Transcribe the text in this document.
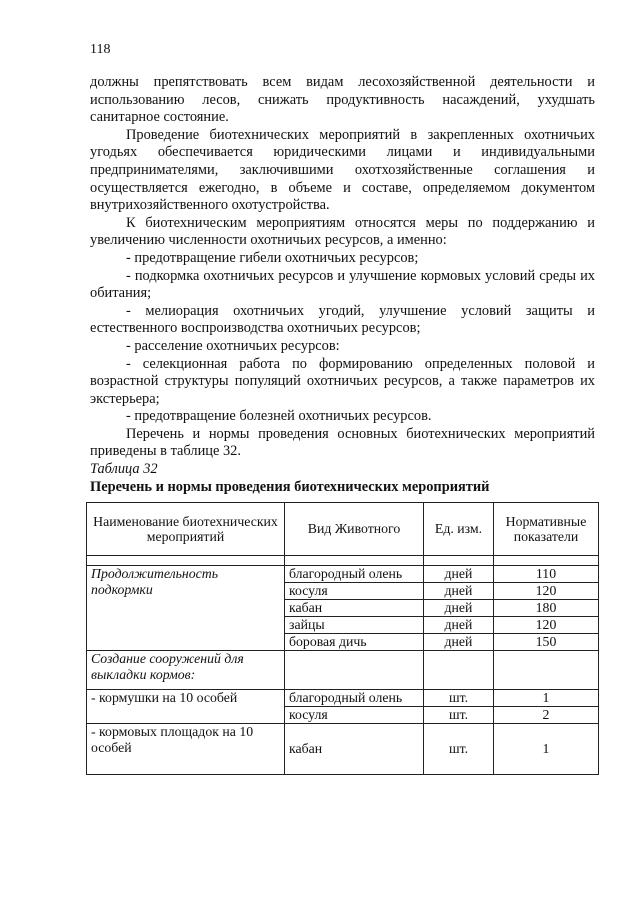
118

должны препятствовать всем видам лесохозяйственной деятельности и использованию лесов, снижать продуктивность насаждений, ухудшать санитарное состояние.

Проведение биотехнических мероприятий в закрепленных охотничьих угодьях обеспечивается юридическими лицами и индивидуальными предпринимателями, заключившими охотхозяйственные соглашения и осуществляется ежегодно, в объеме и составе, определяемом документом внутрихозяйственного охотустройства.

К биотехническим мероприятиям относятся меры по поддержанию и увеличению численности охотничьих ресурсов, а именно:

- предотвращение гибели охотничьих ресурсов;

- подкормка охотничьих ресурсов и улучшение кормовых условий среды их обитания;

- мелиорация охотничьих угодий, улучшение условий защиты и естественного воспроизводства охотничьих ресурсов;

- расселение охотничьих ресурсов:

- селекционная работа по формированию определенных половой и возрастной структуры популяций охотничьих ресурсов, а также параметров их экстерьера;

- предотвращение болезней охотничьих ресурсов.

Перечень и нормы проведения основных биотехнических мероприятий приведены в таблице 32.

Таблица 32

Перечень и нормы проведения биотехнических мероприятий

Наименование биотехнических мероприятий	Вид Животного	Ед. изм.	Нормативные показатели

Продолжительность подкормки	благородный олень	дней	110
	косуля	дней	120
	кабан	дней	180
	зайцы	дней	120
	боровая дичь	дней	150
Создание сооружений для выкладки кормов:			
- кормушки на 10 особей	благородный олень	шт.	1
	косуля	шт.	2
- кормовых площадок на 10 особей	кабан	шт.	1
